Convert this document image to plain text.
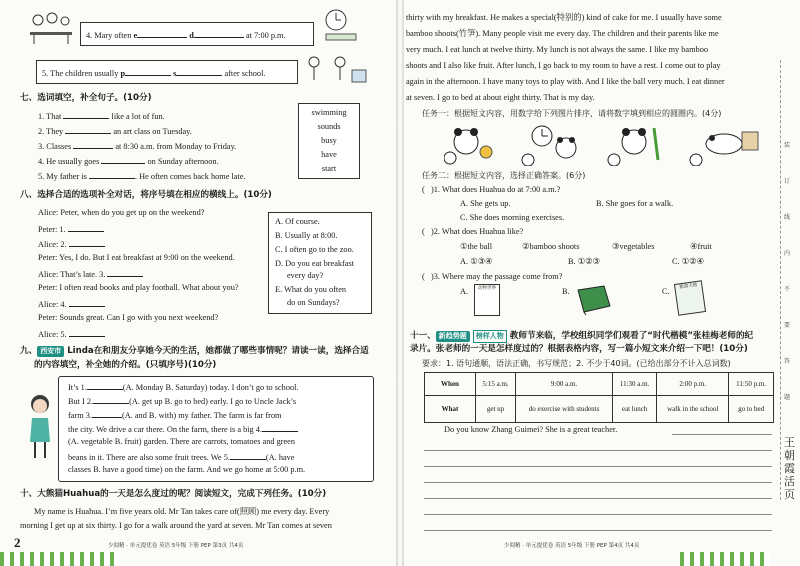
4. Mary often e	d	at 7:00 p.m.
5. The children usually p	s	after school.
七、选词填空，补全句子。(10分)
1. That	like a lot of fun.
2. They	an art class on Tuesday.
3. Classes	at 8:30 a.m. from Monday to Friday.
4. He usually goes	on Sunday afternoon.
5. My father is	. He often comes back home late.
swimming
sounds
busy
have
start
八、选择合适的选项补全对话，将序号填在相应的横线上。(10分)
Alice: Peter, when do you get up on the weekend?
Peter: 1.
Alice: 2.
Peter: Yes, I do. But I eat breakfast at 9:00 on the weekend.
Alice: That’s late. 3.
Peter: I often read books and play football. What about you?
Alice: 4.
Peter: Sounds great. Can I go with you next weekend?
Alice: 5.
A. Of course.
B. Usually at 8:00.
C. I often go to the zoo.
D. Do you eat breakfast
every day?
E. What do you often
do on Sundays?
九、 西安市 Linda在和朋友分享她今天的生活，她都做了哪些事情呢？请读一读，选择合适
的内容填空，补全她的介绍。(只填序号)(10分)
It’s 1.	(A. Monday B. Saturday) today. I don’t go to school.
But I 2.	(A. get up B. go to bed) early. I go to Uncle Jack’s
farm 3.	(A. and B. with) my father. The farm is far from
the city. We drive a car there. On the farm, there is a big 4.
(A. vegetable B. fruit) garden. There are carrots, tomatoes and green
beans in it. There are also some fruit trees. We 5.	(A. have
classes B. have a good time) on the farm. And we go home at 5:00 p.m.
十、大熊猫Huahua的一天是怎么度过的呢？阅读短文，完成下列任务。(10分)
My name is Huahua. I’m five years old. Mr Tan takes care of(照顾) me every day. Every
morning I get up at six thirty. I go for a walk around the yard at seven. Mr Tan comes at seven
2	少阅精 · 单元提优卷 英语 5年级 下册 PEP 第3页 共4页
thirty with my breakfast. He makes a special(特别的) kind of cake for me. I usually have some
bamboo shoots(竹笋). Many people visit me every day. The children and their parents like me
very much. I eat lunch at twelve thirty. My lunch is not always the same. I like my bamboo
shoots and I also like fruit. After lunch, I go back to my room to have a rest. I come out to play
again in the afternoon. I have many toys to play with. And I like the ball very much. I eat dinner
at seven. I go to bed at about eight thirty. That is my day.
任务一：根据短文内容，用数字给下列图片排序，请将数字填到相应的圆圈内。(4分)
任务二：根据短文内容，选择正确答案。(6分)
( )1. What does Huahua do at 7:00 a.m.?
A. She gets up.	B. She goes for a walk.
C. She does morning exercises.
( )2. What does Huahua like?
①the ball	②bamboo shoots	③vegetables	④fruit
A. ①③④	B. ①②③	C. ①②④
( )3. Where may the passage come from?
A.	动物世界	B.	C.
旅游天地
十一、 新趋势题 榜样人物 教师节来临，学校组织同学们观看了“时代楷模”张桂梅老师的纪
录片。张老师的一天是怎样度过的？根据表格内容，写一篇小短文来介绍一下吧！(10分)
要求：1. 语句通顺，语法正确，书写规范；2. 不少于40词。(已给出部分不计入总词数)
When	5:15 a.m.	9:00 a.m.	11:30 a.m.	2:00 p.m.	11:50 p.m.
What	get up	do exercise with students	eat lunch	walk in the school	go to bed
Do you know Zhang Guimei? She is a great teacher.
少阅精 · 单元提优卷 英语 5年级 下册 PEP 第4页 共4页
装
订
线
内
不
要
答
题
王朝霞活页
